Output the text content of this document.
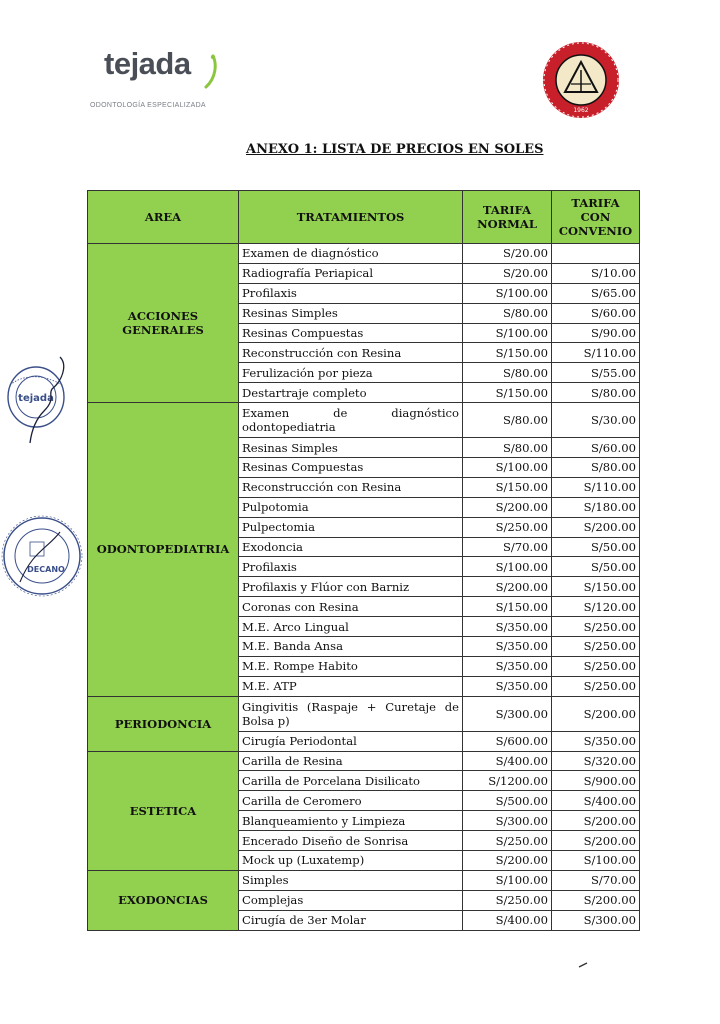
tejada
ODONTOLOGÍA ESPECIALIZADA
1962
ANEXO 1: LISTA DE PRECIOS EN SOLES
AREA	TRATAMIENTOS	TARIFA NORMAL	TARIFA CON CONVENIO
ACCIONES GENERALES	Examen de diagnóstico	S/20.00	
	Radiografía Periapical	S/20.00	S/10.00
	Profilaxis	S/100.00	S/65.00
	Resinas Simples	S/80.00	S/60.00
	Resinas Compuestas	S/100.00	S/90.00
	Reconstrucción con Resina	S/150.00	S/110.00
	Ferulización por pieza	S/80.00	S/55.00
	Destartraje completo	S/150.00	S/80.00
ODONTOPEDIATRIA	Examen de diagnóstico odontopediatria	S/80.00	S/30.00
	Resinas Simples	S/80.00	S/60.00
	Resinas Compuestas	S/100.00	S/80.00
	Reconstrucción con Resina	S/150.00	S/110.00
	Pulpotomia	S/200.00	S/180.00
	Pulpectomia	S/250.00	S/200.00
	Exodoncia	S/70.00	S/50.00
	Profilaxis	S/100.00	S/50.00
	Profilaxis y Flúor con Barniz	S/200.00	S/150.00
	Coronas con Resina	S/150.00	S/120.00
	M.E. Arco Lingual	S/350.00	S/250.00
	M.E. Banda Ansa	S/350.00	S/250.00
	M.E. Rompe Habito	S/350.00	S/250.00
	M.E. ATP	S/350.00	S/250.00
PERIODONCIA	Gingivitis (Raspaje + Curetaje de Bolsa p)	S/300.00	S/200.00
	Cirugía Periodontal	S/600.00	S/350.00
ESTETICA	Carilla de Resina	S/400.00	S/320.00
	Carilla de Porcelana Disilicato	S/1200.00	S/900.00
	Carilla de Ceromero	S/500.00	S/400.00
	Blanqueamiento y Limpieza	S/300.00	S/200.00
	Encerado Diseño de Sonrisa	S/250.00	S/200.00
	Mock up (Luxatemp)	S/200.00	S/100.00
EXODONCIAS	Simples	S/100.00	S/70.00
	Complejas	S/250.00	S/200.00
	Cirugía de 3er Molar	S/400.00	S/300.00
tejada
DECANO
